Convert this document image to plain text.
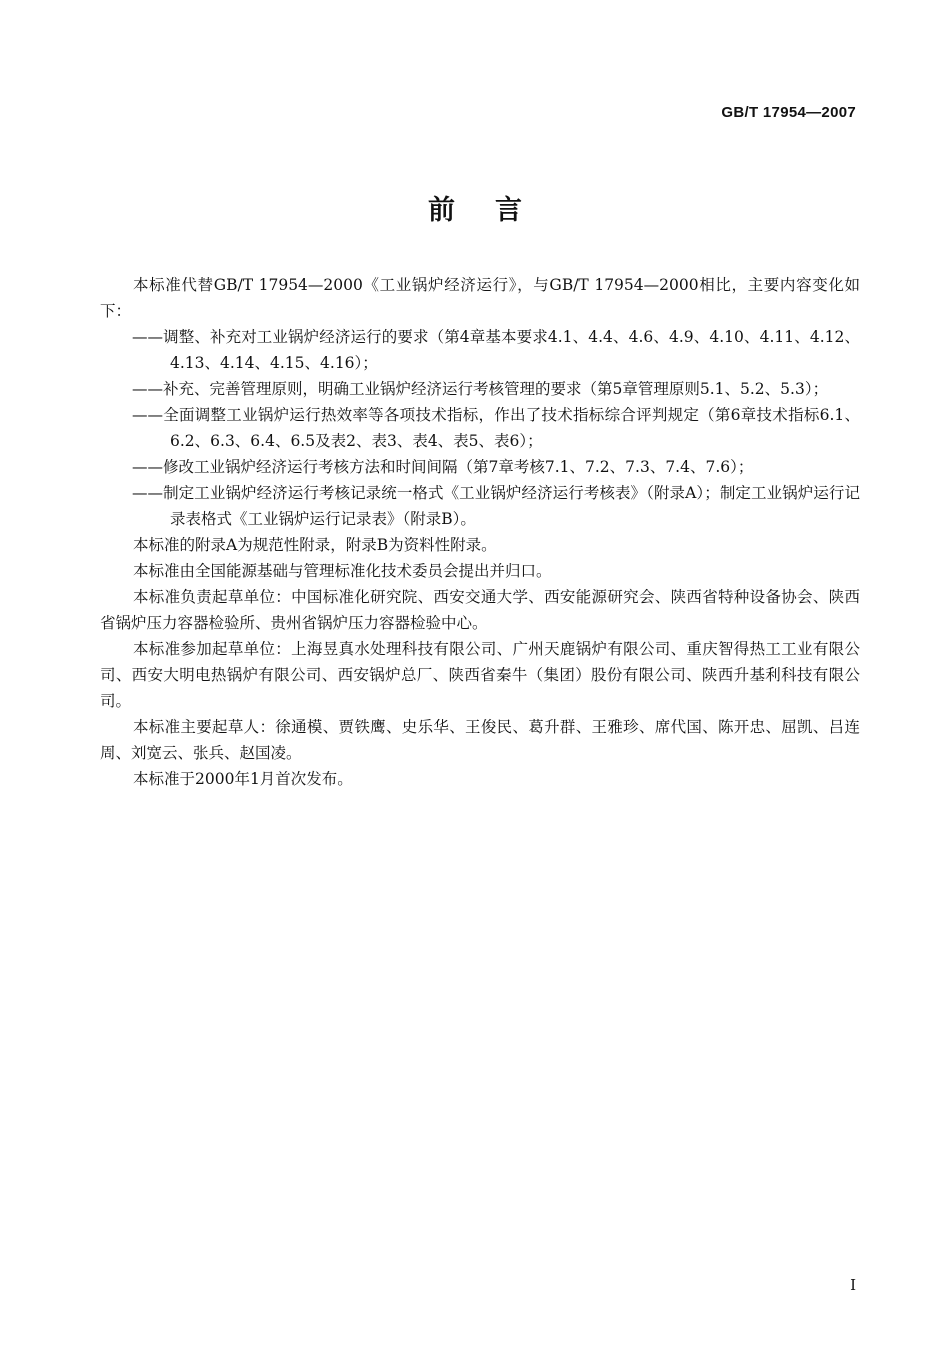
GB/T 17954—2007
前言

本标准代替GB/T 17954—2000《工业锅炉经济运行》，与GB/T 17954—2000相比，主要内容变化如下：

——调整、补充对工业锅炉经济运行的要求（第4章基本要求4.1、4.4、4.6、4.9、4.10、4.11、4.12、4.13、4.14、4.15、4.16）；

——补充、完善管理原则，明确工业锅炉经济运行考核管理的要求（第5章管理原则5.1、5.2、5.3）；

——全面调整工业锅炉运行热效率等各项技术指标，作出了技术指标综合评判规定（第6章技术指标6.1、6.2、6.3、6.4、6.5及表2、表3、表4、表5、表6）；

——修改工业锅炉经济运行考核方法和时间间隔（第7章考核7.1、7.2、7.3、7.4、7.6）；

——制定工业锅炉经济运行考核记录统一格式《工业锅炉经济运行考核表》（附录A）；制定工业锅炉运行记录表格式《工业锅炉运行记录表》（附录B）。

本标准的附录A为规范性附录，附录B为资料性附录。

本标准由全国能源基础与管理标准化技术委员会提出并归口。

本标准负责起草单位：中国标准化研究院、西安交通大学、西安能源研究会、陕西省特种设备协会、陕西省锅炉压力容器检验所、贵州省锅炉压力容器检验中心。

本标准参加起草单位：上海昱真水处理科技有限公司、广州天鹿锅炉有限公司、重庆智得热工工业有限公司、西安大明电热锅炉有限公司、西安锅炉总厂、陕西省秦牛（集团）股份有限公司、陕西升基利科技有限公司。

本标准主要起草人：徐通模、贾铁鹰、史乐华、王俊民、葛升群、王雅珍、席代国、陈开忠、屈凯、吕连周、刘宽云、张兵、赵国凌。

本标准于2000年1月首次发布。

I
